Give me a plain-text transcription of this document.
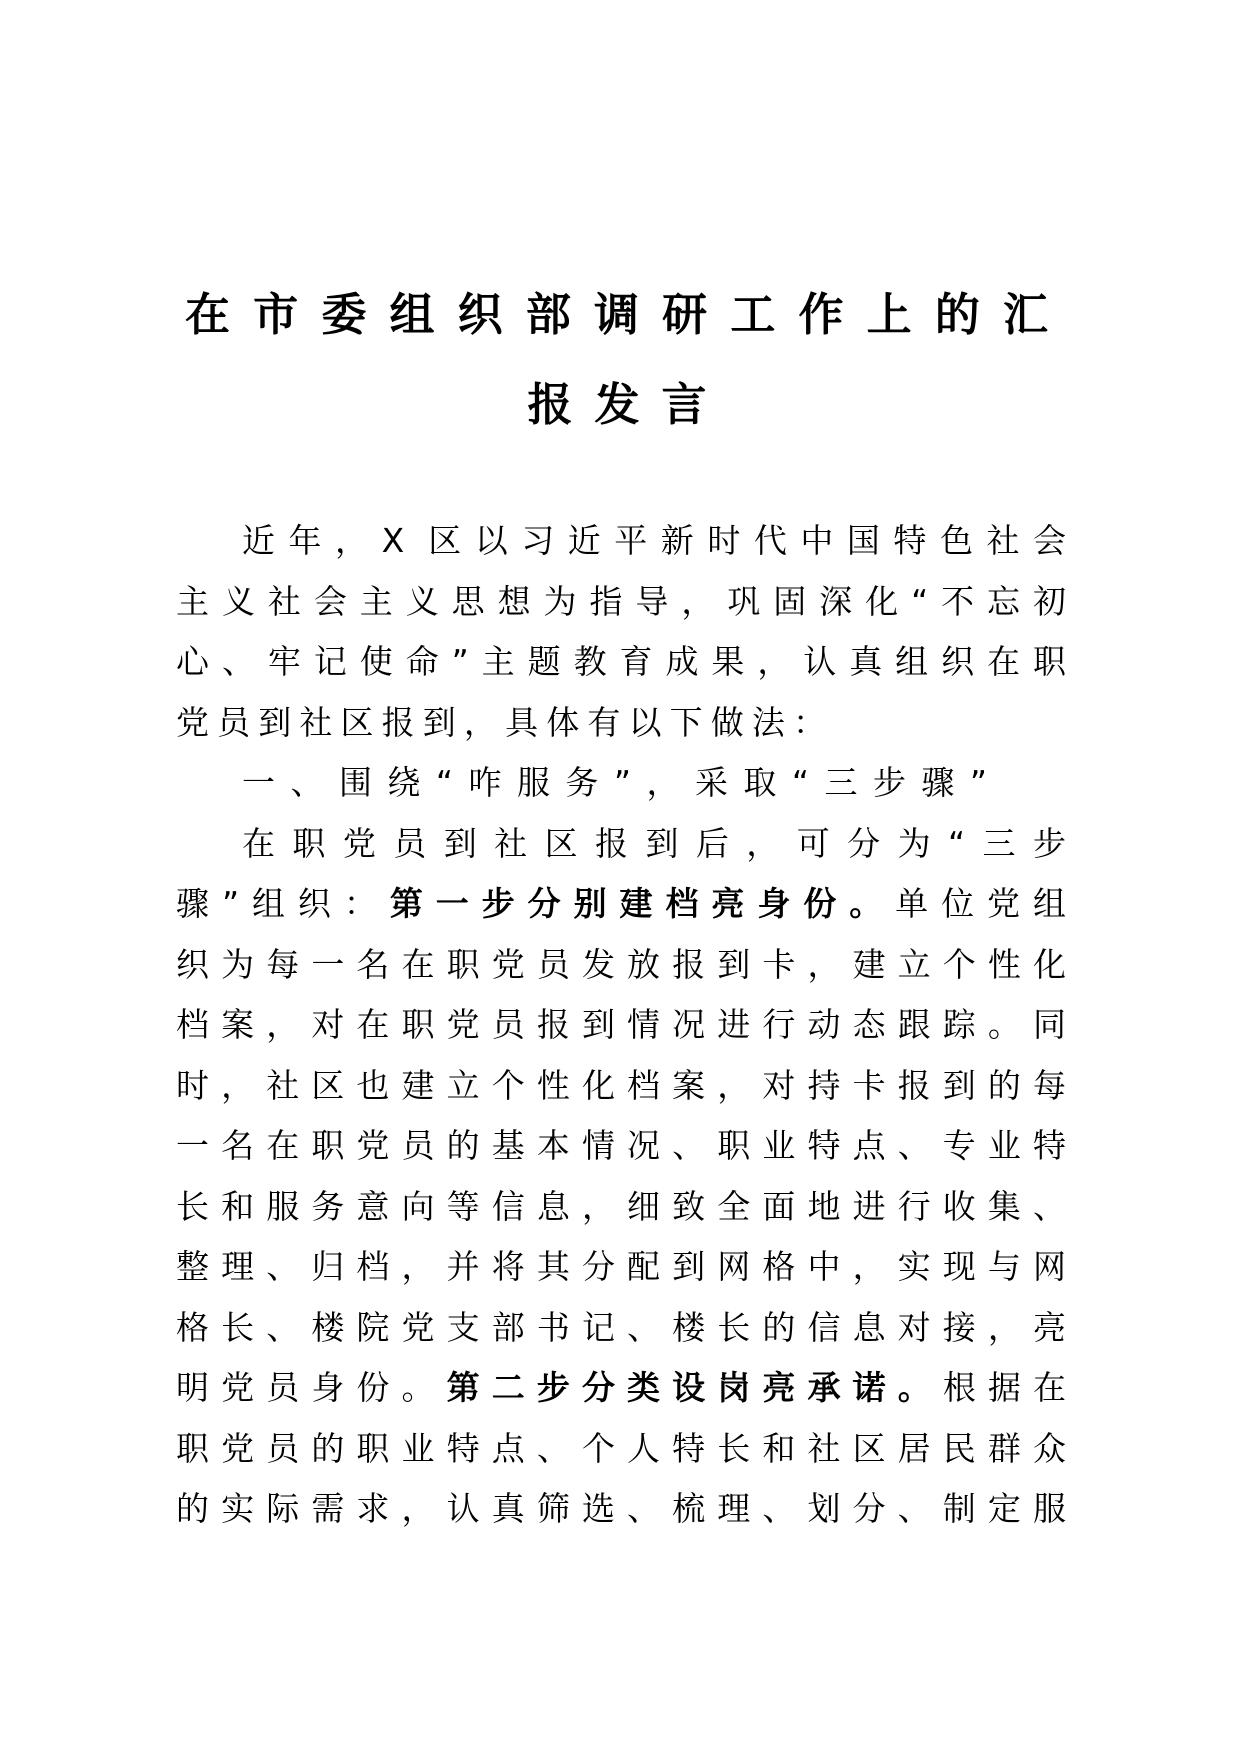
在市委组织部调研工作上的汇
报发言
近年，X 区以习近平新时代中国特色社会
主义社会主义思想为指导，巩固深化“不忘初
心、牢记使命”主题教育成果，认真组织在职
党员到社区报到，具体有以下做法：
一、围绕“咋服务”，采取“三步骤”
在职党员到社区报到后，可分为“三步
骤”组织：第一步分别建档亮身份。单位党组
织为每一名在职党员发放报到卡，建立个性化
档案，对在职党员报到情况进行动态跟踪。同
时，社区也建立个性化档案，对持卡报到的每
一名在职党员的基本情况、职业特点、专业特
长和服务意向等信息，细致全面地进行收集、
整理、归档，并将其分配到网格中，实现与网
格长、楼院党支部书记、楼长的信息对接，亮
明党员身份。第二步分类设岗亮承诺。根据在
职党员的职业特点、个人特长和社区居民群众
的实际需求，认真筛选、梳理、划分、制定服
